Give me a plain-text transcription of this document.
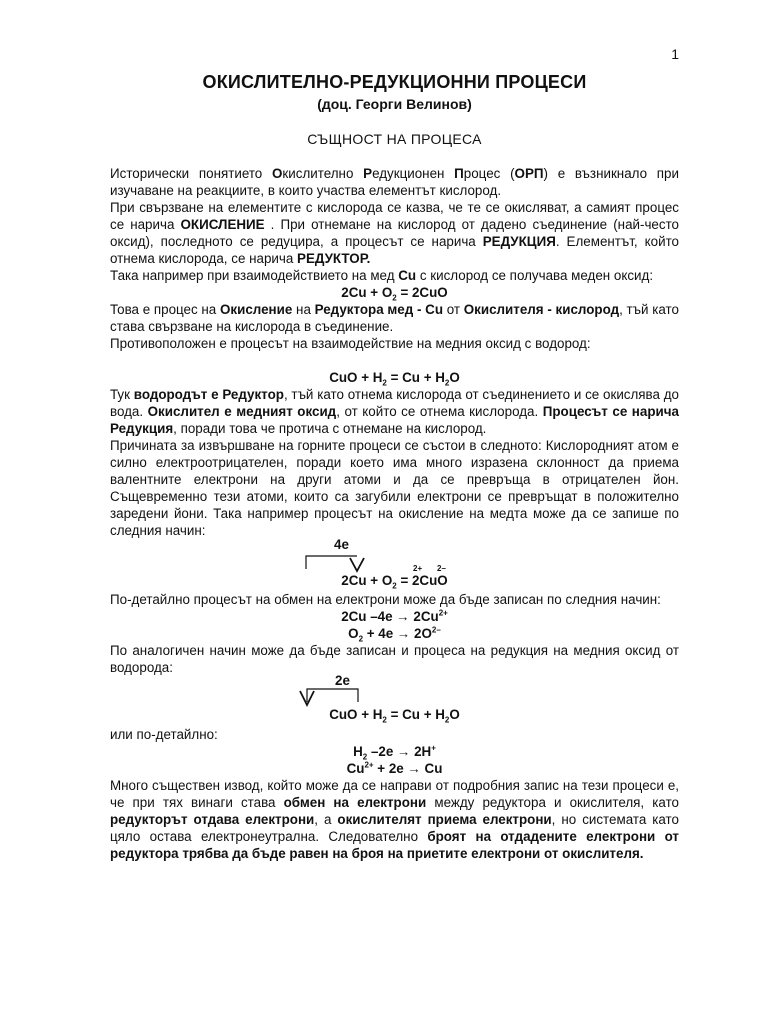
1
ОКИСЛИТЕЛНО-РЕДУКЦИОННИ ПРОЦЕСИ
(доц. Георги Велинов)
СЪЩНОСТ НА ПРОЦЕСА

Исторически понятието Окислително Редукционен Процес (ОРП) е възникнало при изучаване на реакциите, в които участва елементът кислород.

При свързване на елементите с кислорода се казва, че те се окисляват, а самият процес се нарича ОКИСЛЕНИЕ . При отнемане на кислород от дадено съединение (най-често оксид), последното се редуцира, а процесът се нарича РЕДУКЦИЯ. Елементът, който отнема кислорода, се нарича РЕДУКТОР.

Така например при взаимодействието на мед Cu с кислород се получава меден оксид:

$2Cu + O_2 = 2CuO$

Това е процес на Окисление на Редуктора мед - Cu от Окислителя - кислород, тъй като става свързване на кислорода в съединение.

Противоположен е процесът на взаимодействие на медния оксид с водород:

CuO + $H_2 = Cu + H_2O$

Тук водородът е Редуктор, тъй като отнема кислорода от съединението и се окислява до вода. Окислител е медният оксид, от който се отнема кислорода. Процесът се нарича Редукция, поради това че протича с отнемане на кислород.

Причината за извършване на горните процеси се състои в следното: Кислородният атом е силно електроотрицателен, поради което има много изразена склонност да приема валентните електрони на други атоми и да се превръща в отрицателен йон. Същевременно тези атоми, които са загубили електрони се превръщат в положително заредени йони. Така например процесът на окисление на медта може да се запише по следния начин:

4e
2+ 2–
$2Cu + O_2 = 2CuO$

По-детайлно процесът на обмен на електрони може да бъде записан по следния начин:

2Cu $-4e \to 2Cu^{2+}$
$O_2 + 4e \to 2O^{2-}$

По аналогичен начин може да бъде записан и процеса на редукция на медния оксид от водорода:

2e
CuO + $H_2 = Cu + H_2O$

или по-детайлно:

$H_2$ –2e → 2H+
$Cu^{2+} + 2e \to Cu$

Много съществен извод, който може да се направи от подробния запис на тези процеси е, че при тях винаги става обмен на електрони между редуктора и окислителя, като редукторът отдава електрони, а окислителят приема електрони, но системата като цяло остава електронеутрална. Следователно броят на отдадените електрони от редуктора трябва да бъде равен на броя на приетите електрони от окислителя.
